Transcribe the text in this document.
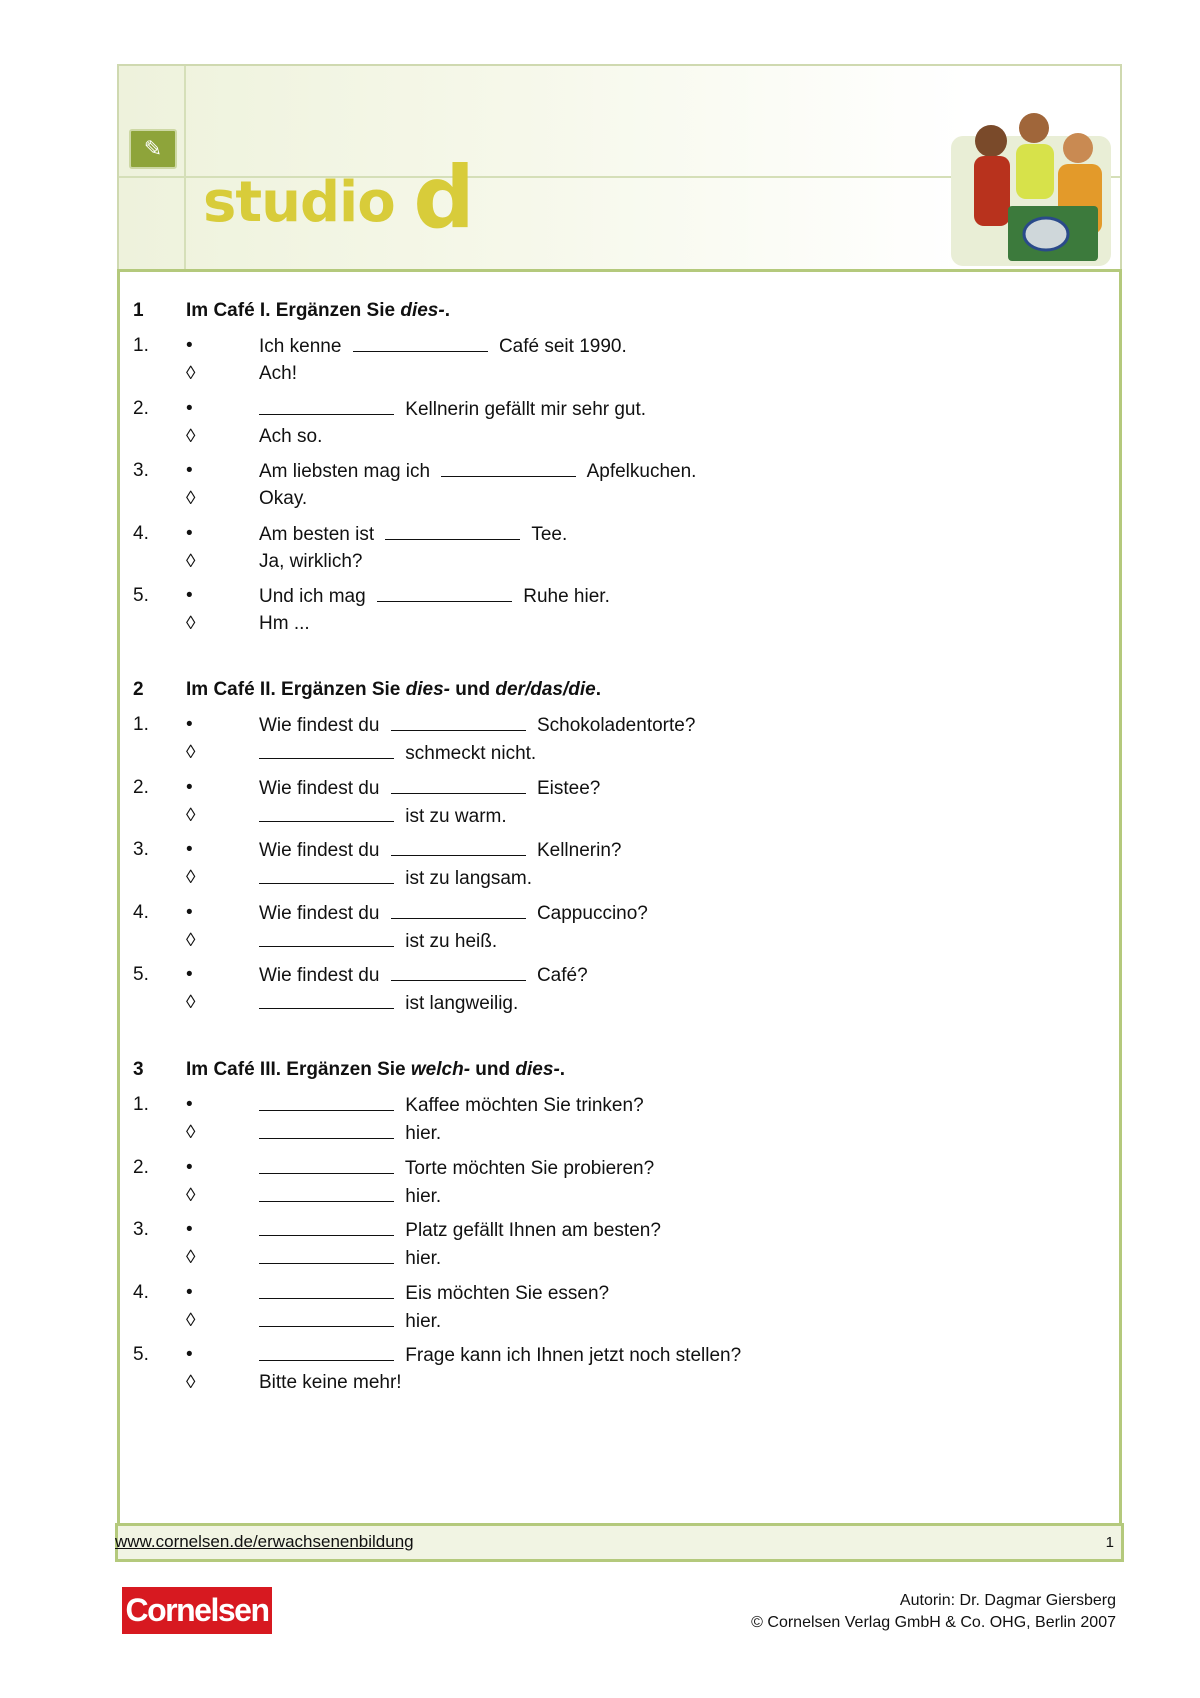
✎
studio d
1 Im Café I. Ergänzen Sie dies-.
1. •	Ich kenne	Café seit 1990.
◊	Ach!
2. •	Kellnerin gefällt mir sehr gut.
◊	Ach so.
3. •	Am liebsten mag ich	Apfelkuchen.
◊	Okay.
4. •	Am besten ist	Tee.
◊	Ja, wirklich?
5. •	Und ich mag	Ruhe hier.
◊	Hm ...
2 Im Café II. Ergänzen Sie dies- und der/das/die.
1. •	Wie findest du	Schokoladentorte?
◊	schmeckt nicht.
2. •	Wie findest du	Eistee?
◊	ist zu warm.
3. •	Wie findest du	Kellnerin?
◊	ist zu langsam.
4. •	Wie findest du	Cappuccino?
◊	ist zu heiß.
5. •	Wie findest du	Café?
◊	ist langweilig.
3 Im Café III. Ergänzen Sie welch- und dies-.
1. •	Kaffee möchten Sie trinken?
◊	hier.
2. •	Torte möchten Sie probieren?
◊	hier.
3. •	Platz gefällt Ihnen am besten?
◊	hier.
4. •	Eis möchten Sie essen?
◊	hier.
5. •	Frage kann ich Ihnen jetzt noch stellen?
◊	Bitte keine mehr!
www.cornelsen.de/erwachsenenbildung	1
Cornelsen	Autorin: Dr. Dagmar Giersberg
© Cornelsen Verlag GmbH & Co. OHG, Berlin 2007
